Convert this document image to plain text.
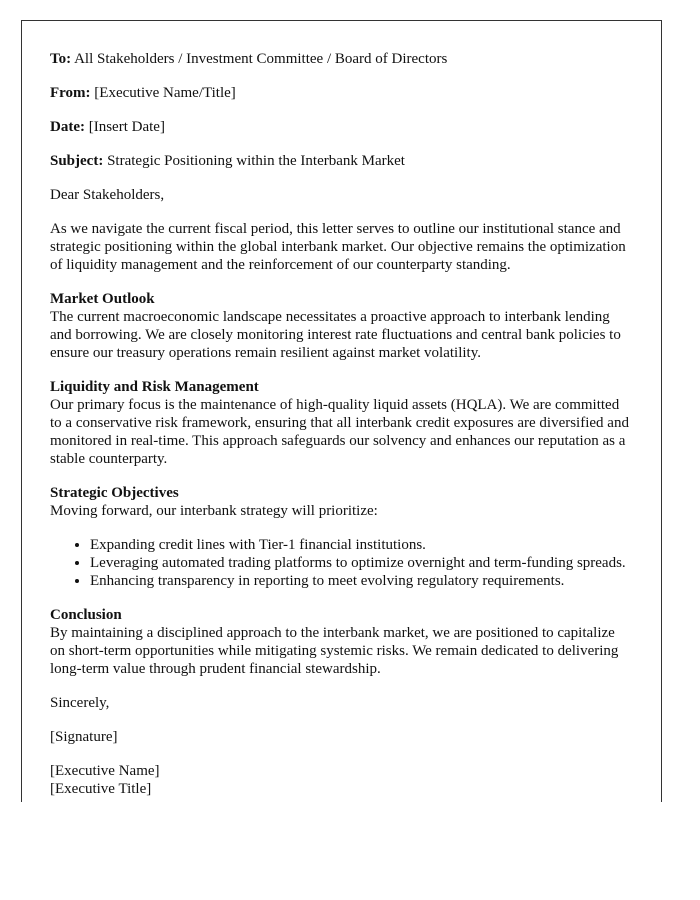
To: All Stakeholders / Investment Committee / Board of Directors
From: [Executive Name/Title]
Date: [Insert Date]
Subject: Strategic Positioning within the Interbank Market

Dear Stakeholders,

As we navigate the current fiscal period, this letter serves to outline our institutional stance and strategic positioning within the global interbank market. Our objective remains the optimization of liquidity management and the reinforcement of our counterparty standing.

Market Outlook
The current macroeconomic landscape necessitates a proactive approach to interbank lending and borrowing. We are closely monitoring interest rate fluctuations and central bank policies to ensure our treasury operations remain resilient against market volatility.
Liquidity and Risk Management
Our primary focus is the maintenance of high-quality liquid assets (HQLA). We are committed to a conservative risk framework, ensuring that all interbank credit exposures are diversified and monitored in real-time. This approach safeguards our solvency and enhances our reputation as a stable counterparty.
Strategic Objectives
Moving forward, our interbank strategy will prioritize:
• Expanding credit lines with Tier-1 financial institutions.
• Leveraging automated trading platforms to optimize overnight and term-funding spreads.
• Enhancing transparency in reporting to meet evolving regulatory requirements.
Conclusion
By maintaining a disciplined approach to the interbank market, we are positioned to capitalize on short-term opportunities while mitigating systemic risks. We remain dedicated to delivering long-term value through prudent financial stewardship.

Sincerely,

[Signature]

[Executive Name]
[Executive Title]
